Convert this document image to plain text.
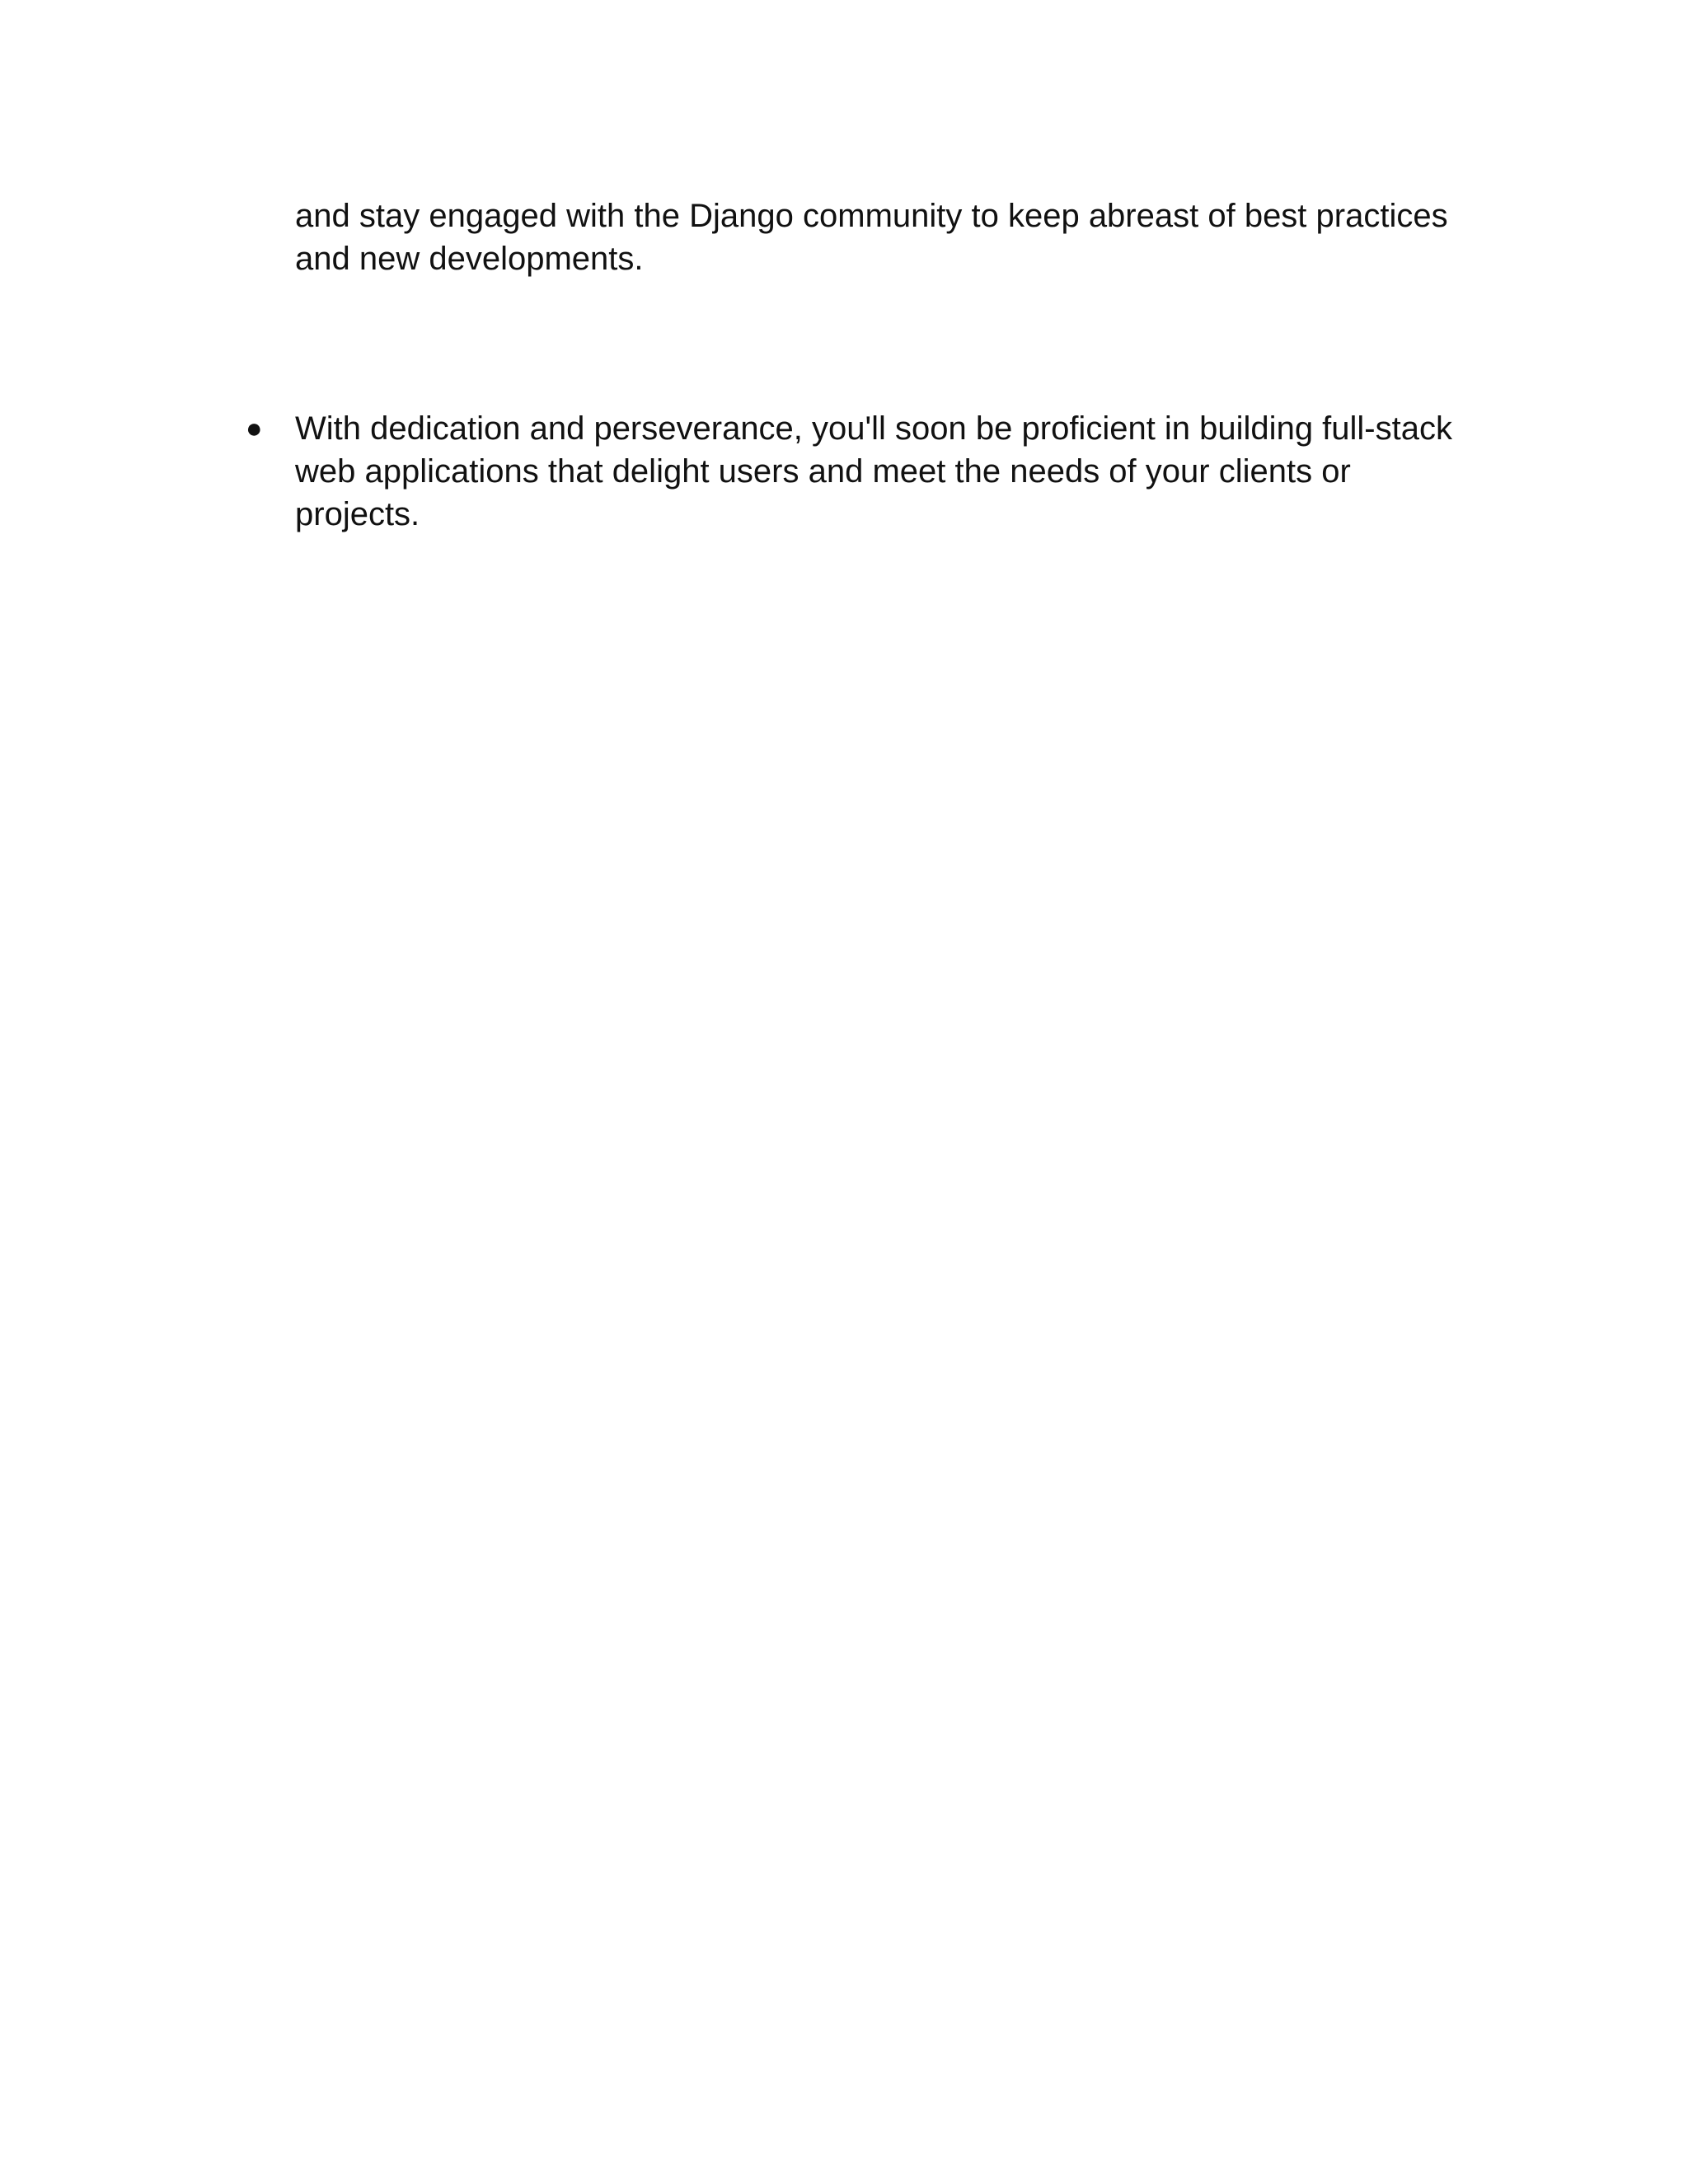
and stay engaged with the Django community to keep abreast of best practices
and new developments.

● With dedication and perseverance, you'll soon be proficient in building full-stack
web applications that delight users and meet the needs of your clients or
projects.
